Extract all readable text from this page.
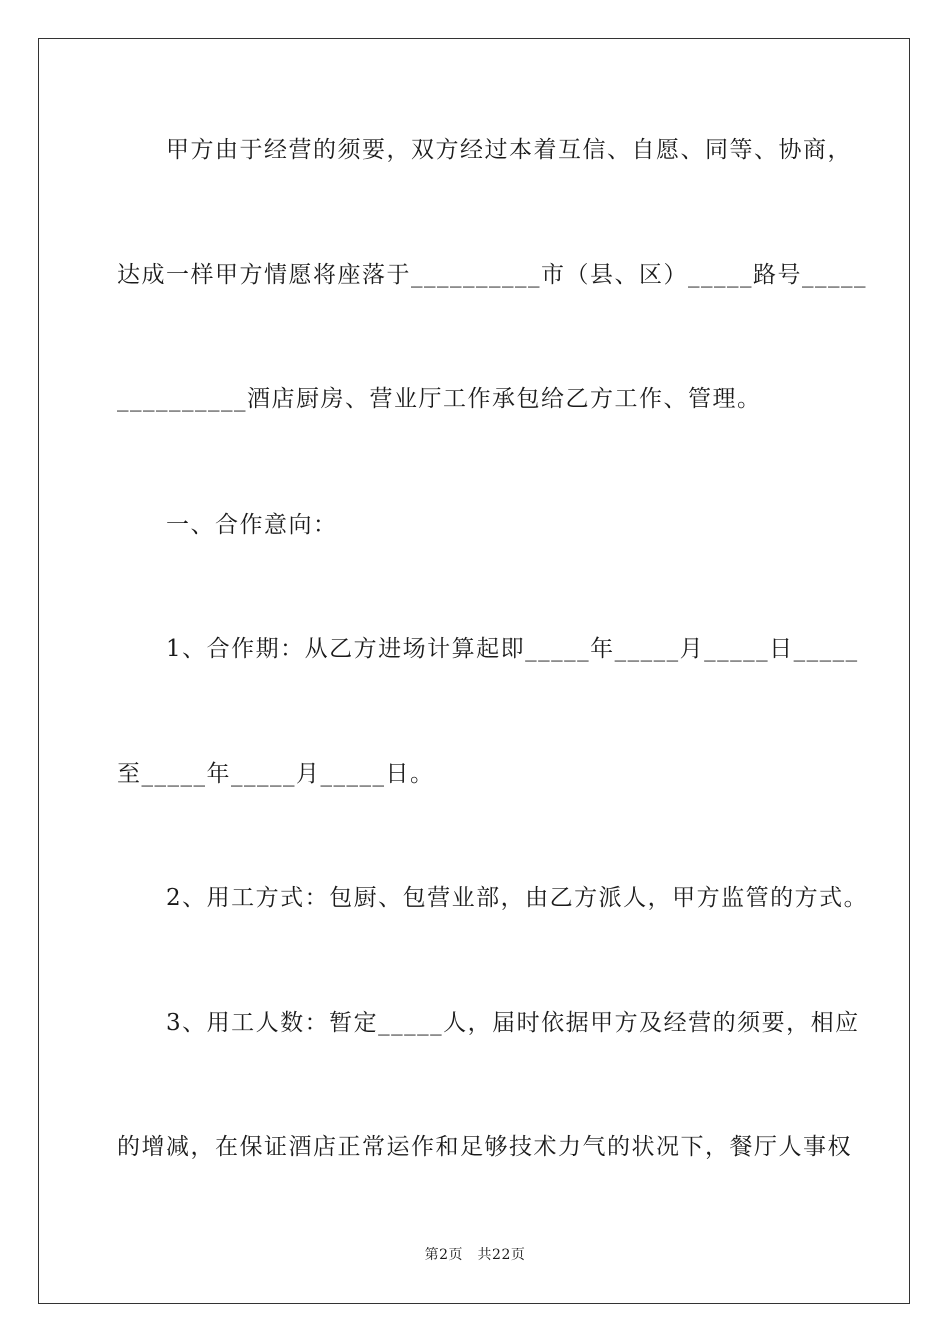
　　甲方由于经营的须要，双方经过本着互信、自愿、同等、协商，

达成一样甲方情愿将座落于__________市（县、区）_____路号_____

__________酒店厨房、营业厅工作承包给乙方工作、管理。

　　一、合作意向：

　　1、合作期：从乙方进场计算起即_____年_____月_____日_____

至_____年_____月_____日。

　　2、用工方式：包厨、包营业部，由乙方派人，甲方监管的方式。

　　3、用工人数：暂定_____人，届时依据甲方及经营的须要，相应

的增减，在保证酒店正常运作和足够技术力气的状况下，餐厅人事权

第2页　共22页
